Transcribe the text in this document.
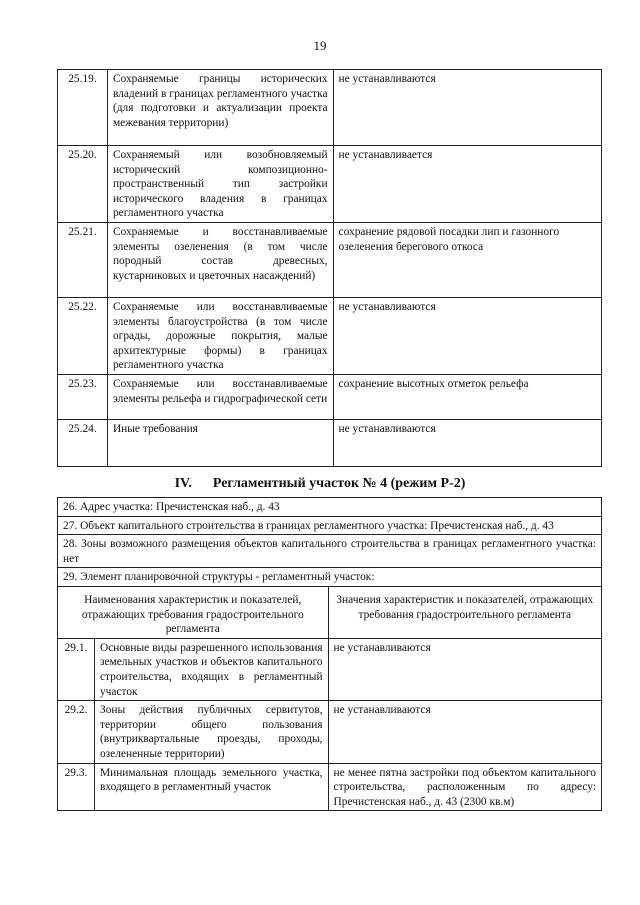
19
25.19.	Сохраняемые границы исторических владений в границах регламентного участка (для подготовки и актуализации проекта межевания территории)	не устанавливаются
25.20.	Сохраняемый или возобновляемый исторический композиционно-пространственный тип застройки исторического владения в границах регламентного участка	не устанавливается
25.21.	Сохраняемые и восстанавливаемые элементы озеленения (в том числе породный состав древесных, кустарниковых и цветочных насаждений)	сохранение рядовой посадки лип и газонного озеленения берегового откоса
25.22.	Сохраняемые или восстанавливаемые элементы благоустройства (в том числе ограды, дорожные покрытия, малые архитектурные формы) в границах регламентного участка	не устанавливаются
25.23.	Сохраняемые или восстанавливаемые элементы рельефа и гидрографической сети	сохранение высотных отметок рельефа
25.24.	Иные требования	не устанавливаются
IV. Регламентный участок № 4 (режим Р-2)
26. Адрес участка: Пречистенская наб., д. 43		
27. Объект капитального строительства в границах регламентного участка: Пречистенская наб., д. 43		
28. Зоны возможного размещения объектов капитального строительства в границах регламентного участка: нет		
29. Элемент планировочной структуры - регламентный участок:		
Наименования характеристик и показателей, отражающих требования градостроительного регламента		Значения характеристик и показателей, отражающих требования градостроительного регламента
29.1.	Основные виды разрешенного использования земельных участков и объектов капитального строительства, входящих в регламентный участок	не устанавливаются
29.2.	Зоны действия публичных сервитутов, территории общего пользования (внутриквартальные проезды, проходы, озелененные территории)	не устанавливаются
29.3.	Минимальная площадь земельного участка, входящего в регламентный участок	не менее пятна застройки под объектом капитального строительства, расположенным по адресу: Пречистенская наб., д. 43 (2300 кв.м)
